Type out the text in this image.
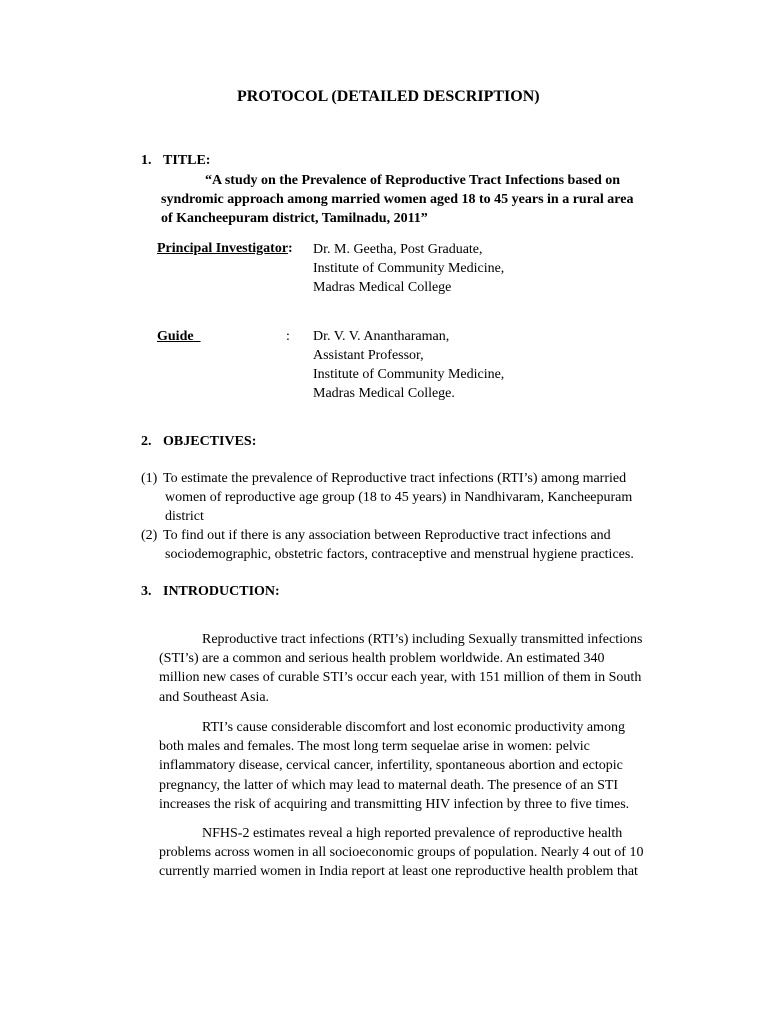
PROTOCOL (DETAILED DESCRIPTION)
1. TITLE:
“A study on the Prevalence of Reproductive Tract Infections based on
syndromic approach among married women aged 18 to 45 years in a rural area
of Kancheepuram district, Tamilnadu, 2011”
Principal Investigator: Dr. M. Geetha, Post Graduate,
Institute of Community Medicine,
Madras Medical College
Guide	: Dr. V. V. Anantharaman,
Assistant Professor,
Institute of Community Medicine,
Madras Medical College.
2. OBJECTIVES:
(1) To estimate the prevalence of Reproductive tract infections (RTI’s) among married
women of reproductive age group (18 to 45 years) in Nandhivaram, Kancheepuram
district
(2) To find out if there is any association between Reproductive tract infections and
sociodemographic, obstetric factors, contraceptive and menstrual hygiene practices.
3. INTRODUCTION:
Reproductive tract infections (RTI’s) including Sexually transmitted infections
(STI’s) are a common and serious health problem worldwide. An estimated 340
million new cases of curable STI’s occur each year, with 151 million of them in South
and Southeast Asia.
RTI’s cause considerable discomfort and lost economic productivity among
both males and females. The most long term sequelae arise in women: pelvic
inflammatory disease, cervical cancer, infertility, spontaneous abortion and ectopic
pregnancy, the latter of which may lead to maternal death. The presence of an STI
increases the risk of acquiring and transmitting HIV infection by three to five times.
NFHS-2 estimates reveal a high reported prevalence of reproductive health
problems across women in all socioeconomic groups of population. Nearly 4 out of 10
currently married women in India report at least one reproductive health problem that
